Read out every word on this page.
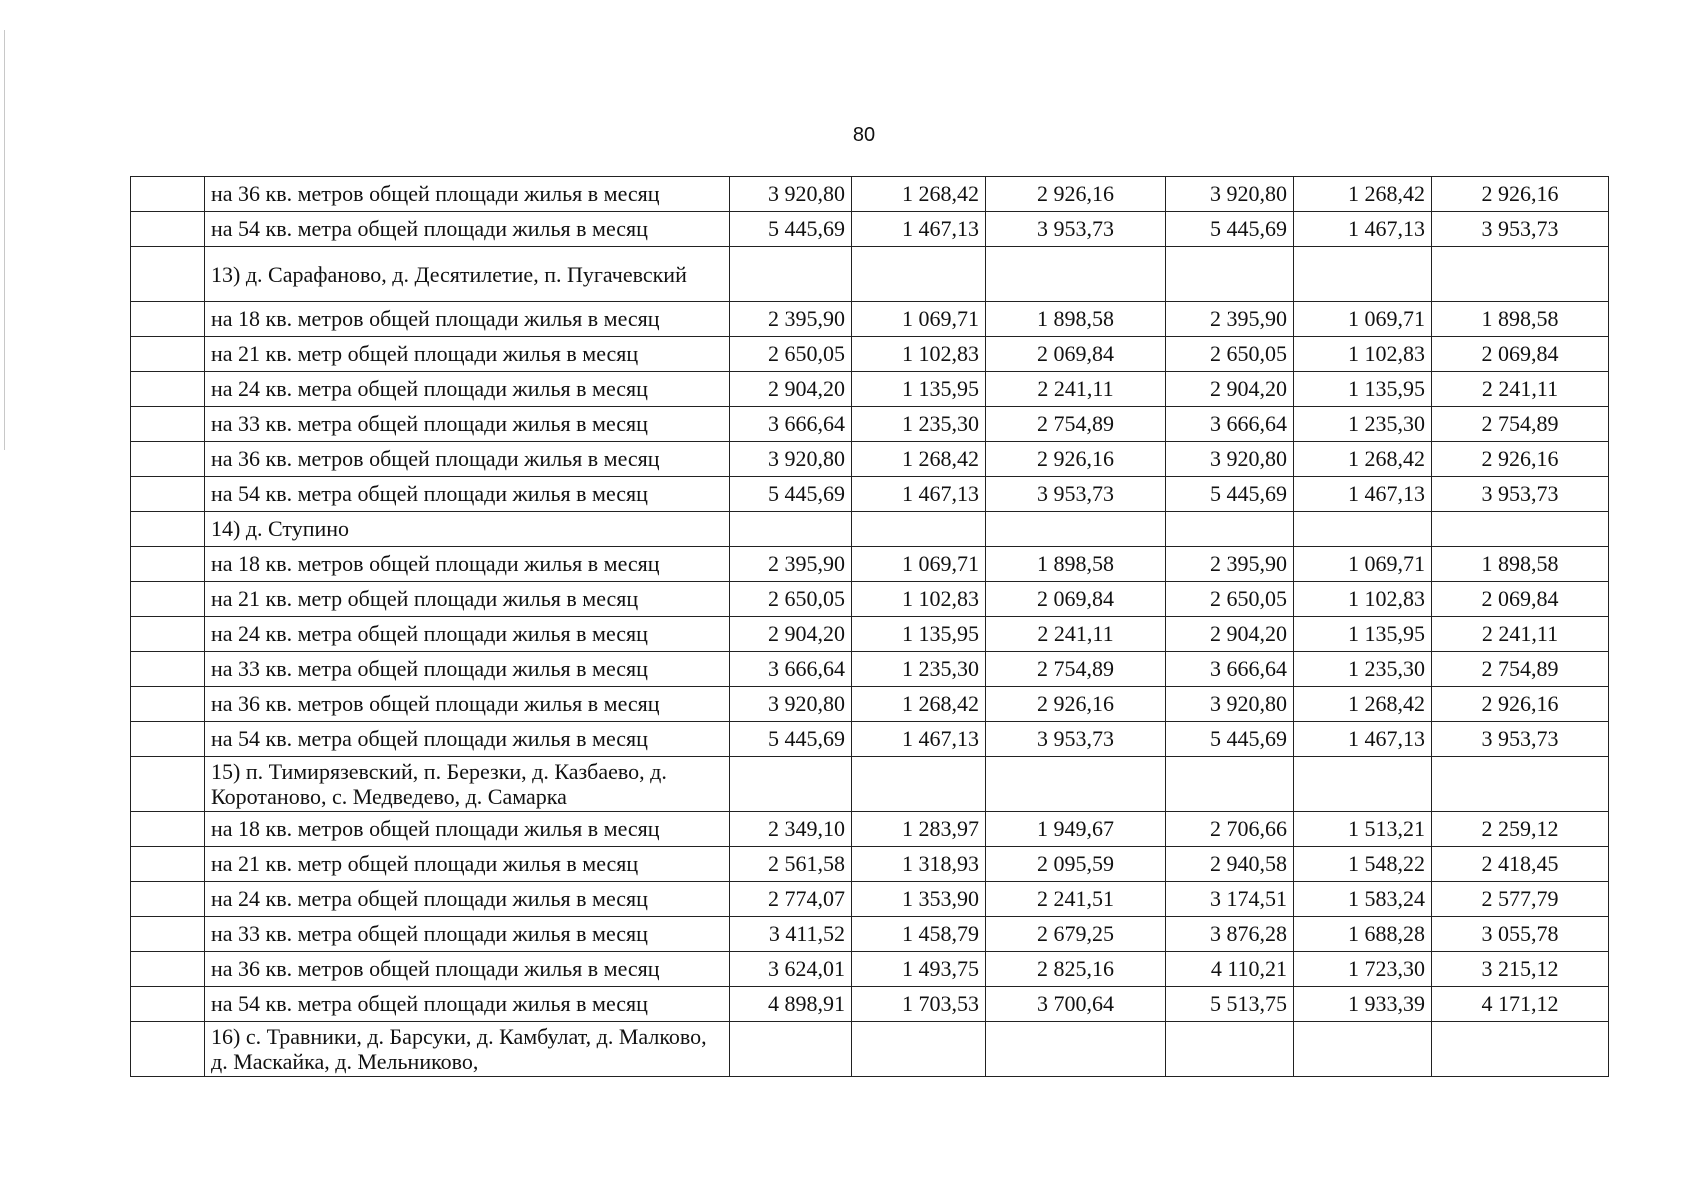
80
	на 36 кв. метров общей площади жилья в месяц	3 920,80	1 268,42	2 926,16	3 920,80	1 268,42	2 926,16
	на 54 кв. метра общей площади жилья в месяц	5 445,69	1 467,13	3 953,73	5 445,69	1 467,13	3 953,73
	13) д. Сарафаново, д. Десятилетие, п. Пугачевский						
	на 18 кв. метров общей площади жилья в месяц	2 395,90	1 069,71	1 898,58	2 395,90	1 069,71	1 898,58
	на 21 кв. метр общей площади жилья в месяц	2 650,05	1 102,83	2 069,84	2 650,05	1 102,83	2 069,84
	на 24 кв. метра общей площади жилья в месяц	2 904,20	1 135,95	2 241,11	2 904,20	1 135,95	2 241,11
	на 33 кв. метра общей площади жилья в месяц	3 666,64	1 235,30	2 754,89	3 666,64	1 235,30	2 754,89
	на 36 кв. метров общей площади жилья в месяц	3 920,80	1 268,42	2 926,16	3 920,80	1 268,42	2 926,16
	на 54 кв. метра общей площади жилья в месяц	5 445,69	1 467,13	3 953,73	5 445,69	1 467,13	3 953,73
	14) д. Ступино						
	на 18 кв. метров общей площади жилья в месяц	2 395,90	1 069,71	1 898,58	2 395,90	1 069,71	1 898,58
	на 21 кв. метр общей площади жилья в месяц	2 650,05	1 102,83	2 069,84	2 650,05	1 102,83	2 069,84
	на 24 кв. метра общей площади жилья в месяц	2 904,20	1 135,95	2 241,11	2 904,20	1 135,95	2 241,11
	на 33 кв. метра общей площади жилья в месяц	3 666,64	1 235,30	2 754,89	3 666,64	1 235,30	2 754,89
	на 36 кв. метров общей площади жилья в месяц	3 920,80	1 268,42	2 926,16	3 920,80	1 268,42	2 926,16
	на 54 кв. метра общей площади жилья в месяц	5 445,69	1 467,13	3 953,73	5 445,69	1 467,13	3 953,73
	15) п. Тимирязевский, п. Березки, д. Казбаево, д. Коротаново, с. Медведево, д. Самарка						
	на 18 кв. метров общей площади жилья в месяц	2 349,10	1 283,97	1 949,67	2 706,66	1 513,21	2 259,12
	на 21 кв. метр общей площади жилья в месяц	2 561,58	1 318,93	2 095,59	2 940,58	1 548,22	2 418,45
	на 24 кв. метра общей площади жилья в месяц	2 774,07	1 353,90	2 241,51	3 174,51	1 583,24	2 577,79
	на 33 кв. метра общей площади жилья в месяц	3 411,52	1 458,79	2 679,25	3 876,28	1 688,28	3 055,78
	на 36 кв. метров общей площади жилья в месяц	3 624,01	1 493,75	2 825,16	4 110,21	1 723,30	3 215,12
	на 54 кв. метра общей площади жилья в месяц	4 898,91	1 703,53	3 700,64	5 513,75	1 933,39	4 171,12
	16) с. Травники, д. Барсуки, д. Камбулат, д. Малково, д. Маскайка, д. Мельниково,						
